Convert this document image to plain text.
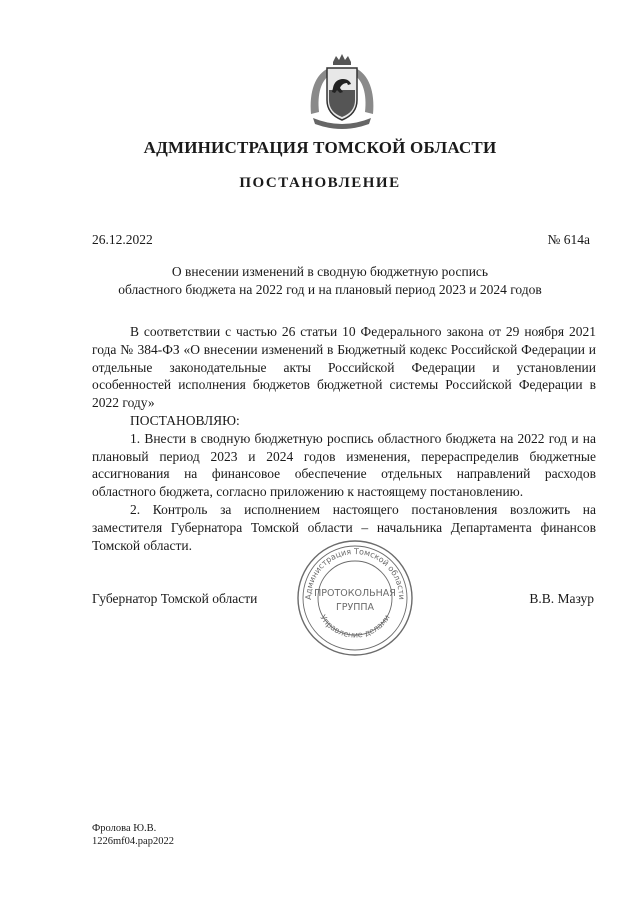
АДМИНИСТРАЦИЯ ТОМСКОЙ ОБЛАСТИ
ПОСТАНОВЛЕНИЕ
26.12.2022	№ 614а
О внесении изменений в сводную бюджетную роспись
областного бюджета на 2022 год и на плановый период 2023 и 2024 годов

В соответствии с частью 26 статьи 10 Федерального закона от 29 ноября 2021 года № 384-ФЗ «О внесении изменений в Бюджетный кодекс Российской Федерации и отдельные законодательные акты Российской Федерации и установлении особенностей исполнения бюджетов бюджетной системы Российской Федерации в 2022 году»

ПОСТАНОВЛЯЮ:

1. Внести в сводную бюджетную роспись областного бюджета на 2022 год и на плановый период 2023 и 2024 годов изменения, перераспределив бюджетные ассигнования на финансовое обеспечение отдельных направлений расходов областного бюджета, согласно приложению к настоящему постановлению.

2. Контроль за исполнением настоящего постановления возложить на заместителя Губернатора Томской области – начальника Департамента финансов Томской области.

Губернатор Томской области	В.В. Мазур
Администрация Томской области
Управление делами
ПРОТОКОЛЬНАЯ
ГРУППА
Фролова Ю.В.
1226mf04.pap2022
